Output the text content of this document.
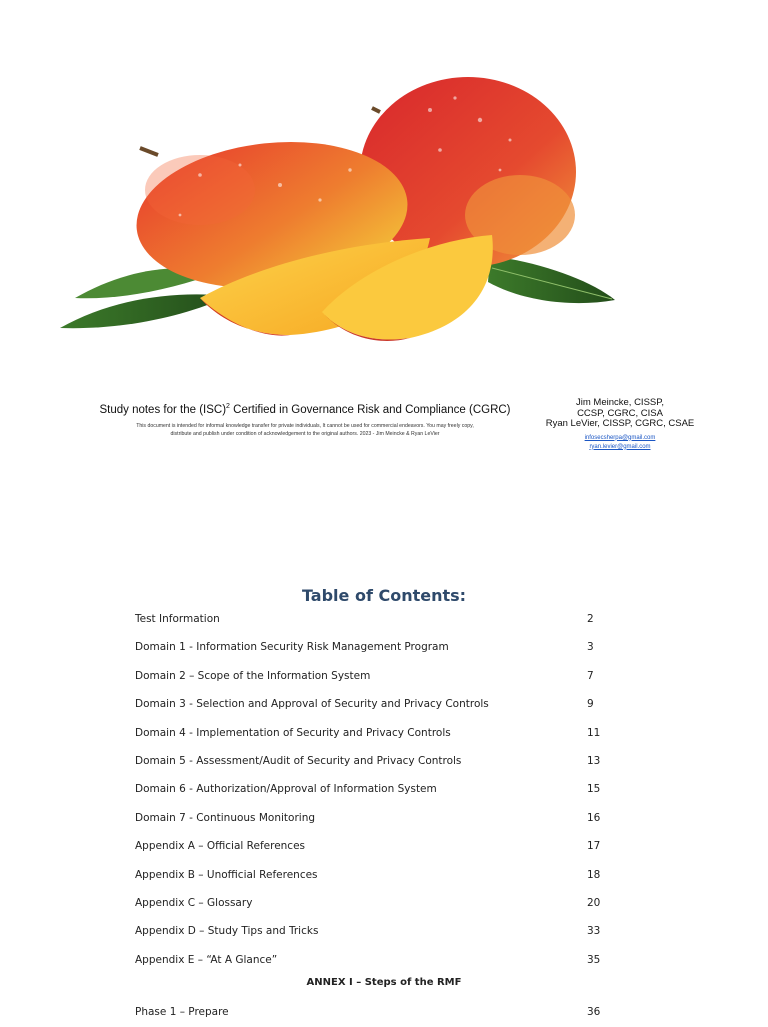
Study notes for the (ISC)$^2$ Certified in Governance Risk and Compliance (CGRC)
This document is intended for informal knowledge transfer for private individuals, It cannot be used for commercial endeavors. You may freely copy,
distribute and publish under condition of acknowledgement to the original authors. 2023 - Jim Meincke & Ryan LeVier
Jim Meincke, CISSP,
CCSP, CGRC, CISA
Ryan LeVier, CISSP, CGRC, CSAE
infosecsherpa@gmail.com
ryan.levier@gmail.com
Table of Contents:
Test Information	2
Domain 1 - Information Security Risk Management Program	3
Domain 2 – Scope of the Information System	7
Domain 3 - Selection and Approval of Security and Privacy Controls	9
Domain 4 - Implementation of Security and Privacy Controls	11
Domain 5 - Assessment/Audit of Security and Privacy Controls	13
Domain 6 - Authorization/Approval of Information System	15
Domain 7 - Continuous Monitoring	16
Appendix A – Official References	17
Appendix B – Unofficial References	18
Appendix C – Glossary	20
Appendix D – Study Tips and Tricks	33
Appendix E – “At A Glance”	35
ANNEX I – Steps of the RMF
Phase 1 – Prepare	36
